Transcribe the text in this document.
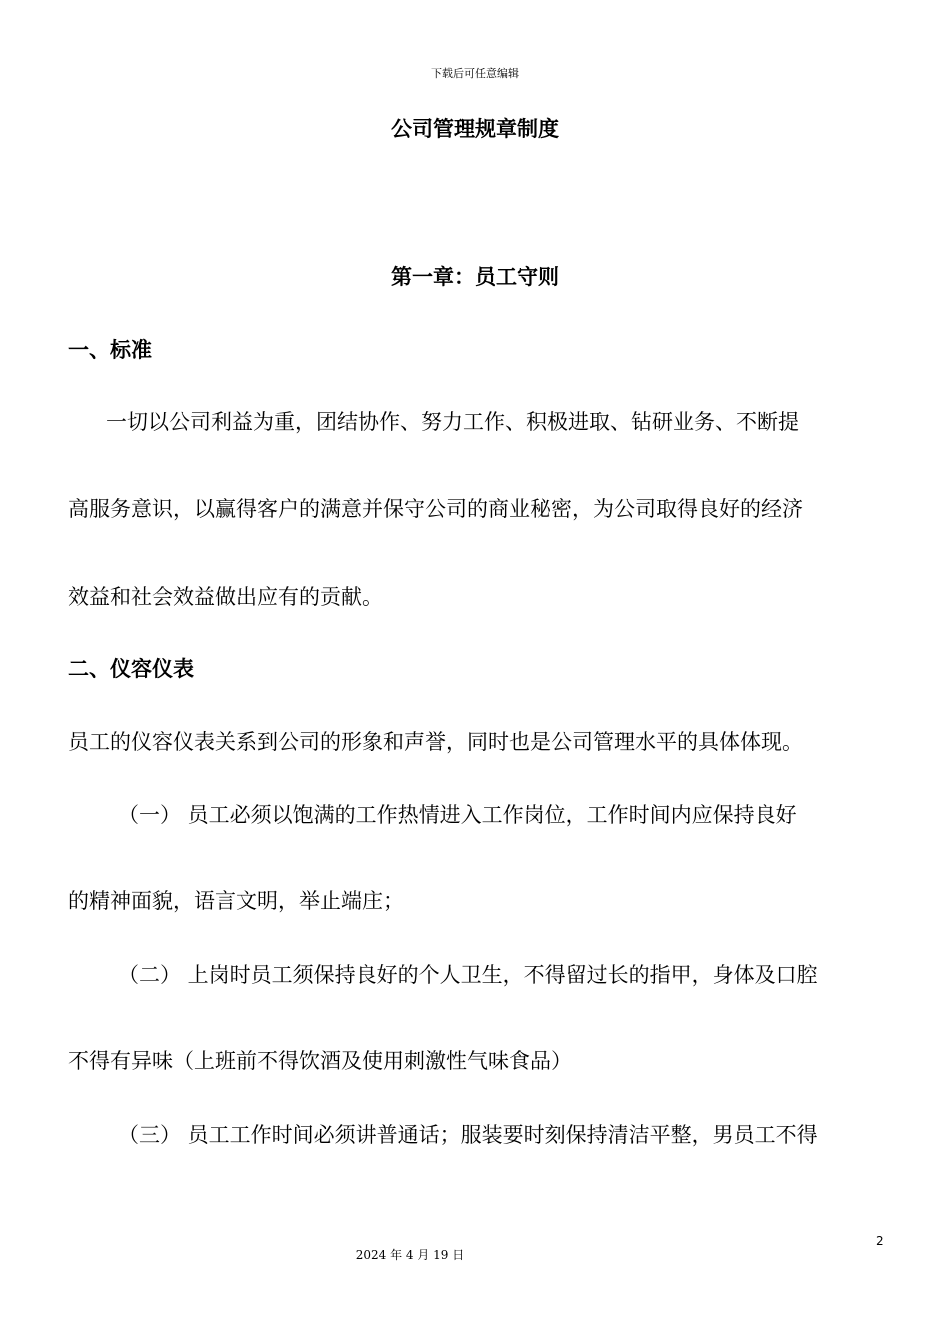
下载后可任意编辑
公司管理规章制度
第一章：员工守则
一、标准
一切以公司利益为重，团结协作、努力工作、积极进取、钻研业务、不断提
高服务意识，以赢得客户的满意并保守公司的商业秘密，为公司取得良好的经济
效益和社会效益做出应有的贡献。
二、仪容仪表
员工的仪容仪表关系到公司的形象和声誉，同时也是公司管理水平的具体体现。
（一） 员工必须以饱满的工作热情进入工作岗位，工作时间内应保持良好
的精神面貌，语言文明，举止端庄；
（二） 上岗时员工须保持良好的个人卫生，不得留过长的指甲，身体及口腔
不得有异味（上班前不得饮酒及使用刺激性气味食品）
（三） 员工工作时间必须讲普通话；服装要时刻保持清洁平整，男员工不得
2
2024 年 4 月 19 日
